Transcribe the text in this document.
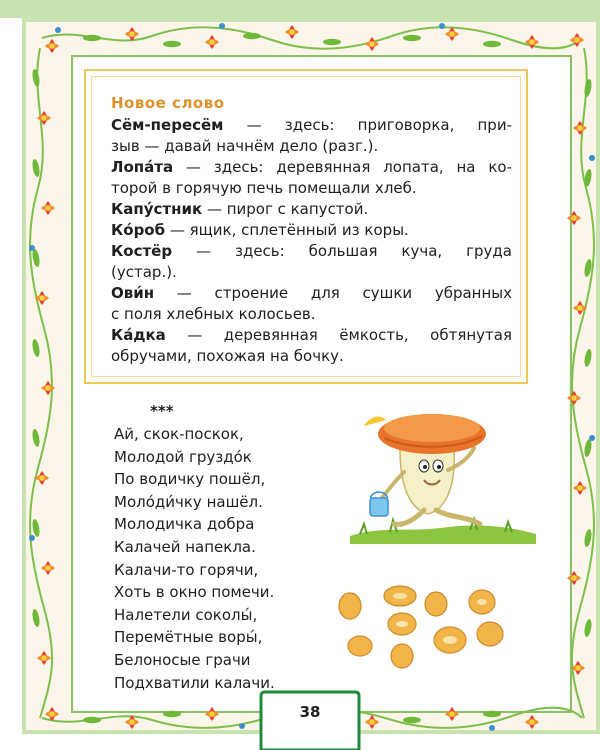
Новое слово
Сём-пересём — здесь: приговорка, при-
зыв — давай начнём дело (разг.).
Лопа́та — здесь: деревянная лопата, на ко-
торой в горячую печь помещали хлеб.
Капу́стник — пирог с капустой.
Ко́роб — ящик, сплетённый из коры.
Костёр — здесь: большая куча, груда
(устар.).
Ови́н — строение для сушки убранных
с поля хлебных колосьев.
Ка́дка — деревянная ёмкость, обтянутая
обручами, похожая на бочку.
***
Ай, скок-поскок,
Молодой груздо́к
По водичку пошёл,
Моло́ди́чку нашёл.
Молодичка добра
Калачей напекла.
Калачи-то горячи,
Хоть в окно помечи.
Налетели соколы́,
Перемётные воры́,
Белоносые грачи
Подхватили калачи.
38
